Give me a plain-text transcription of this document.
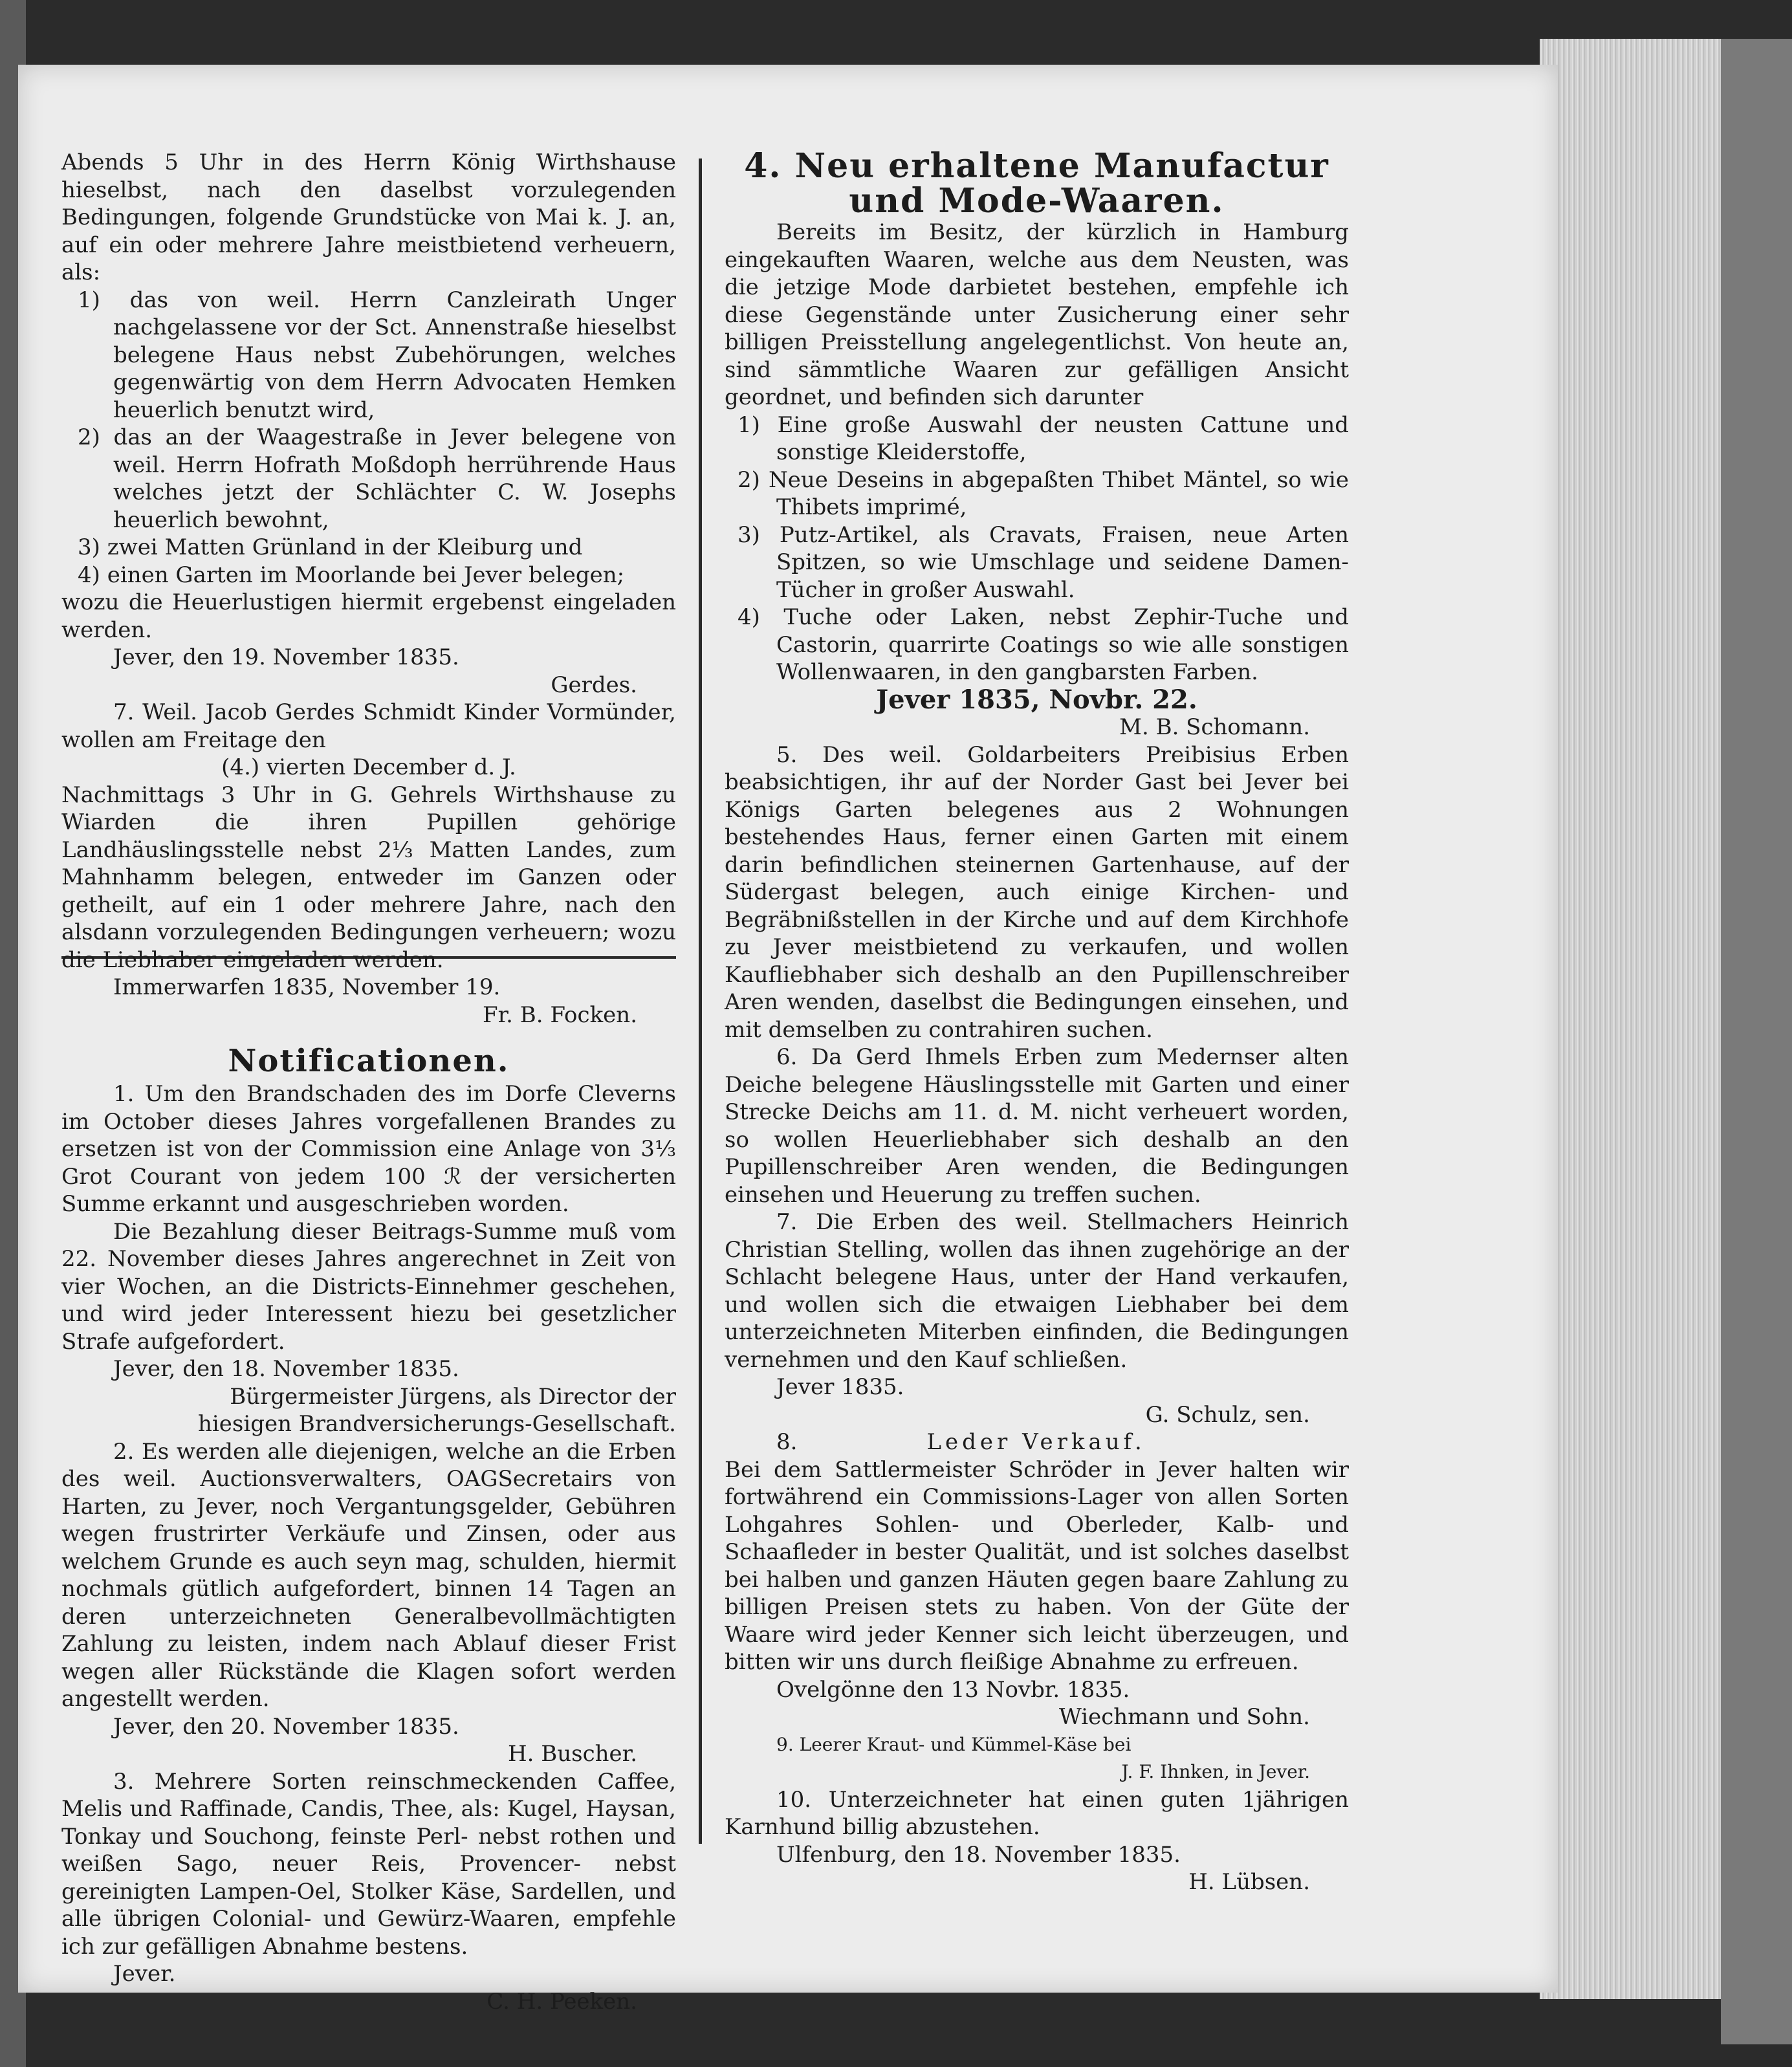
Abends 5 Uhr in des Herrn König Wirthshause hieselbst, nach den daselbst vorzulegenden Bedingungen, folgende Grundstücke von Mai k. J. an, auf ein oder mehrere Jahre meistbietend verheuern, als:

1) das von weil. Herrn Canzleirath Unger nachgelassene vor der Sct. Annenstraße hieselbst belegene Haus nebst Zubehörungen, welches gegenwärtig von dem Herrn Advocaten Hemken heuerlich benutzt wird,

2) das an der Waagestraße in Jever belegene von weil. Herrn Hofrath Moßdoph herrührende Haus welches jetzt der Schlächter C. W. Josephs heuerlich bewohnt,

3) zwei Matten Grünland in der Kleiburg und

4) einen Garten im Moorlande bei Jever belegen;

wozu die Heuerlustigen hiermit ergebenst eingeladen werden.

Jever, den 19. November 1835.

Gerdes.

7. Weil. Jacob Gerdes Schmidt Kinder Vormünder, wollen am Freitage den

(4.) vierten December d. J.

Nachmittags 3 Uhr in G. Gehrels Wirthshause zu Wiarden die ihren Pupillen gehörige Landhäuslingsstelle nebst 2⅓ Matten Landes, zum Mahnhamm belegen, entweder im Ganzen oder getheilt, auf ein 1 oder mehrere Jahre, nach den alsdann vorzulegenden Bedingungen verheuern; wozu die Liebhaber eingeladen werden.

Immerwarfen 1835, November 19.

Fr. B. Focken.

Notificationen.

1. Um den Brandschaden des im Dorfe Cleverns im October dieses Jahres vorgefallenen Brandes zu ersetzen ist von der Commission eine Anlage von 3⅓ Grot Courant von jedem 100 ℛ der versicherten Summe erkannt und ausgeschrieben worden.

Die Bezahlung dieser Beitrags-Summe muß vom 22. November dieses Jahres angerechnet in Zeit von vier Wochen, an die Districts-Einnehmer geschehen, und wird jeder Interessent hiezu bei gesetzlicher Strafe aufgefordert.

Jever, den 18. November 1835.

Bürgermeister Jürgens, als Director der hiesigen Brandversicherungs-Gesellschaft.

2. Es werden alle diejenigen, welche an die Erben des weil. Auctionsverwalters, OAGSecretairs von Harten, zu Jever, noch Vergantungsgelder, Gebühren wegen frustrirter Verkäufe und Zinsen, oder aus welchem Grunde es auch seyn mag, schulden, hiermit nochmals gütlich aufgefordert, binnen 14 Tagen an deren unterzeichneten Generalbevollmächtigten Zahlung zu leisten, indem nach Ablauf dieser Frist wegen aller Rückstände die Klagen sofort werden angestellt werden.

Jever, den 20. November 1835.

H. Buscher.

3. Mehrere Sorten reinschmeckenden Caffee, Melis und Raffinade, Candis, Thee, als: Kugel, Haysan, Tonkay und Souchong, feinste Perl- nebst rothen und weißen Sago, neuer Reis, Provencer- nebst gereinigten Lampen-Oel, Stolker Käse, Sardellen, und alle übrigen Colonial- und Gewürz-Waaren, empfehle ich zur gefälligen Abnahme bestens.

Jever.

C. H. Peeken.

4. Neu erhaltene Manufactur und Mode-Waaren.

Bereits im Besitz, der kürzlich in Hamburg eingekauften Waaren, welche aus dem Neusten, was die jetzige Mode darbietet bestehen, empfehle ich diese Gegenstände unter Zusicherung einer sehr billigen Preisstellung angelegentlichst. Von heute an, sind sämmtliche Waaren zur gefälligen Ansicht geordnet, und befinden sich darunter

1) Eine große Auswahl der neusten Cattune und sonstige Kleiderstoffe,

2) Neue Deseins in abgepaßten Thibet Mäntel, so wie Thibets imprimé,

3) Putz-Artikel, als Cravats, Fraisen, neue Arten Spitzen, so wie Umschlage und seidene Damen-Tücher in großer Auswahl.

4) Tuche oder Laken, nebst Zephir-Tuche und Castorin, quarrirte Coatings so wie alle sonstigen Wollenwaaren, in den gangbarsten Farben.

Jever 1835, Novbr. 22.

M. B. Schomann.

5. Des weil. Goldarbeiters Preibisius Erben beabsichtigen, ihr auf der Norder Gast bei Jever bei Königs Garten belegenes aus 2 Wohnungen bestehendes Haus, ferner einen Garten mit einem darin befindlichen steinernen Gartenhause, auf der Südergast belegen, auch einige Kirchen- und Begräbnißstellen in der Kirche und auf dem Kirchhofe zu Jever meistbietend zu verkaufen, und wollen Kaufliebhaber sich deshalb an den Pupillenschreiber Aren wenden, daselbst die Bedingungen einsehen, und mit demselben zu contrahiren suchen.

6. Da Gerd Ihmels Erben zum Medernser alten Deiche belegene Häuslingsstelle mit Garten und einer Strecke Deichs am 11. d. M. nicht verheuert worden, so wollen Heuerliebhaber sich deshalb an den Pupillenschreiber Aren wenden, die Bedingungen einsehen und Heuerung zu treffen suchen.

7. Die Erben des weil. Stellmachers Heinrich Christian Stelling, wollen das ihnen zugehörige an der Schlacht belegene Haus, unter der Hand verkaufen, und wollen sich die etwaigen Liebhaber bei dem unterzeichneten Miterben einfinden, die Bedingungen vernehmen und den Kauf schließen.

Jever 1835.

G. Schulz, sen.

8.	Leder Verkauf.

Bei dem Sattlermeister Schröder in Jever halten wir fortwährend ein Commissions-Lager von allen Sorten Lohgahres Sohlen- und Oberleder, Kalb- und Schaafleder in bester Qualität, und ist solches daselbst bei halben und ganzen Häuten gegen baare Zahlung zu billigen Preisen stets zu haben. Von der Güte der Waare wird jeder Kenner sich leicht überzeugen, und bitten wir uns durch fleißige Abnahme zu erfreuen.

Ovelgönne den 13 Novbr. 1835.

Wiechmann und Sohn.

9. Leerer Kraut- und Kümmel-Käse bei

J. F. Ihnken, in Jever.

10. Unterzeichneter hat einen guten 1jährigen Karnhund billig abzustehen.

Ulfenburg, den 18. November 1835.

H. Lübsen.
